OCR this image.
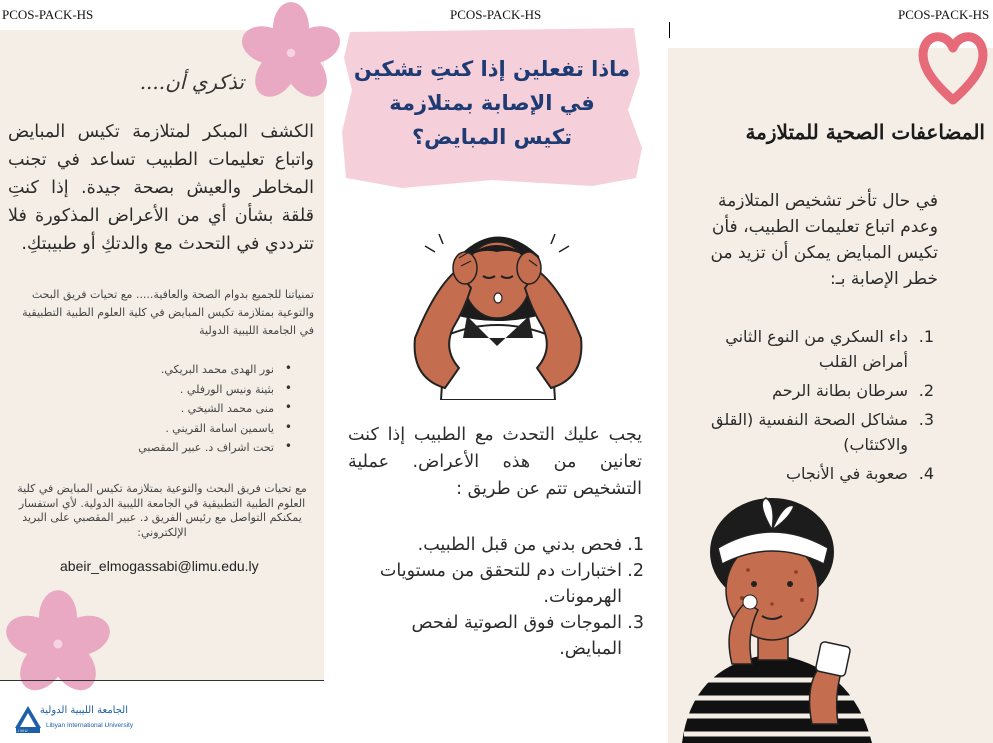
PCOS-PACK-HS	PCOS-PACK-HS	PCOS-PACK-HS
تذكري أن....
الكشف المبكر لمتلازمة تكيس المبايض واتباع تعليمات الطبيب تساعد في تجنب المخاطر والعيش بصحة جيدة. إذا كنتِ قلقة بشأن أي من الأعراض المذكورة فلا تترددي في التحدث مع والدتكِ أو طبيبتكِ.
تمنياتنا للجميع بدوام الصحة والعافية..... مع تحيات فريق البحث والتوعية بمتلازمة تكيس المبايض في كلية العلوم الطبية التطبيقية في الجامعة الليبية الدولية
• نور الهدى محمد البريكي.
• بثينة ونيس الورفلي .
• منى محمد الشيخي .
• ياسمين اسامة القريني .
• تحت اشراف د. عبير المقصبي
مع تحيات فريق البحث والتوعية بمتلازمة تكيس المبايض في كلية العلوم الطبية التطبيقية في الجامعة الليبية الدولية. لأي استفسار يمكنكم التواصل مع رئيس الفريق د. عبير المقصبي على البريد الإلكتروني:
abeir_elmogassabi@limu.edu.ly
LIMU
الجامعة الليبية الدولية
Libyan International University
ماذا تفعلين إذا كنتِ تشكين
في الإصابة بمتلازمة
تكيس المبايض؟
يجب عليك التحدث مع الطبيب إذا كنت تعانين من هذه الأعراض. عملية التشخيص تتم عن طريق :
1.
فحص بدني من قبل الطبيب.
2.
اختبارات دم للتحقق من مستويات الهرمونات.
3.
الموجات فوق الصوتية لفحص المبايض.
المضاعفات الصحية للمتلازمة
في حال تأخر تشخيص المتلازمة وعدم اتباع تعليمات الطبيب، فأن تكيس المبايض يمكن أن تزيد من خطر الإصابة بـ:
1.
داء السكري من النوع الثاني أمراض القلب
2.
سرطان بطانة الرحم
3.
مشاكل الصحة النفسية (القلق والاكتئاب)
4.
صعوبة في الأنجاب
